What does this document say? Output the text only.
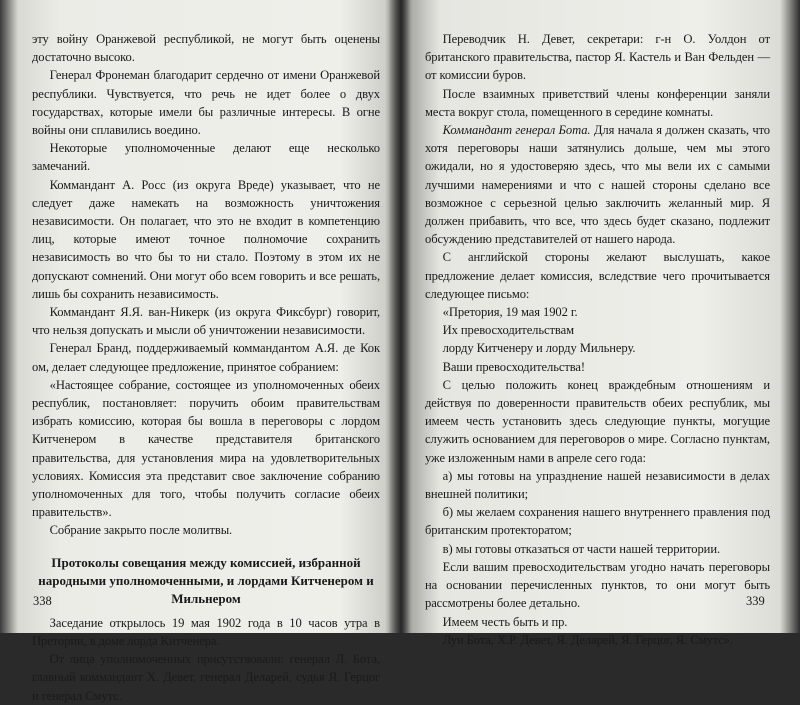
эту войну Оранжевой республикой, не могут быть оценены достаточно высоко.

Генерал Фронеман благодарит сердечно от имени Оранжевой республики. Чувствуется, что речь не идет более о двух государствах, которые имели бы различные интересы. В огне войны они сплавились воедино.

Некоторые уполномоченные делают еще несколько замечаний.

Коммандант А. Росс (из округа Вреде) указывает, что не следует даже намекать на возможность уничтожения независимости. Он полагает, что это не входит в компетенцию лиц, которые имеют точное полномочие сохранить независимость во что бы то ни стало. Поэтому в этом их не допускают сомнений. Они могут обо всем говорить и все решать, лишь бы сохранить независимость.

Коммандант Я.Я. ван-Никерк (из округа Фиксбург) говорит, что нельзя допускать и мысли об уничтожении независимости.

Генерал Бранд, поддерживаемый коммандантом А.Я. де Кок ом, делает следующее предложение, принятое собранием:

«Настоящее собрание, состоящее из уполномоченных обеих республик, постановляет: поручить обоим правительствам избрать комиссию, которая бы вошла в переговоры с лордом Китченером в качестве представителя британского правительства, для установления мира на удовлетворительных условиях. Комиссия эта представит свое заключение собранию уполномоченных для того, чтобы получить согласие обеих правительств».

Собрание закрыто после молитвы.

Протоколы совещания между комиссией, избранной народными уполномоченными, и лордами Китченером и Мильнером

Заседание открылось 19 мая 1902 года в 10 часов утра в Претории, в доме лорда Китченера.

От лица уполномоченных присутствовали: генерал Л. Бота, главный коммандант Х. Девет, генерал Деларей, судья Я. Герцог и генерал Смутс.

338

Переводчик Н. Девет, секретари: г-н О. Уолдон от британского правительства, пастор Я. Кастель и Ван Фельден — от комиссии буров.

После взаимных приветствий члены конференции заняли места вокруг стола, помещенного в середине комнаты.

Коммандант генерал Бота. Для начала я должен сказать, что хотя переговоры наши затянулись дольше, чем мы этого ожидали, но я удостоверяю здесь, что мы вели их с самыми лучшими намерениями и что с нашей стороны сделано все возможное с серьезной целью заключить желанный мир. Я должен прибавить, что все, что здесь будет сказано, подлежит обсуждению представителей от нашего народа.

С английской стороны желают выслушать, какое предложение делает комиссия, вследствие чего прочитывается следующее письмо:

«Претория, 19 мая 1902 г.

Их превосходительствам

лорду Китченеру и лорду Мильнеру.

Ваши превосходительства!

С целью положить конец враждебным отношениям и действуя по доверенности правительств обеих республик, мы имеем честь установить здесь следующие пункты, могущие служить основанием для переговоров о мире. Согласно пунктам, уже изложенным нами в апреле сего года:

а) мы готовы на упразднение нашей независимости в делах внешней политики;

б) мы желаем сохранения нашего внутреннего правления под британским протекторатом;

в) мы готовы отказаться от части нашей территории.

Если вашим превосходительствам угодно начать переговоры на основании перечисленных пунктов, то они могут быть рассмотрены более детально.

Имеем честь быть и пр.

Луи Бота, Х.Р. Девет, Я. Деларей, Я. Герцог, Я. Смутс».

339
